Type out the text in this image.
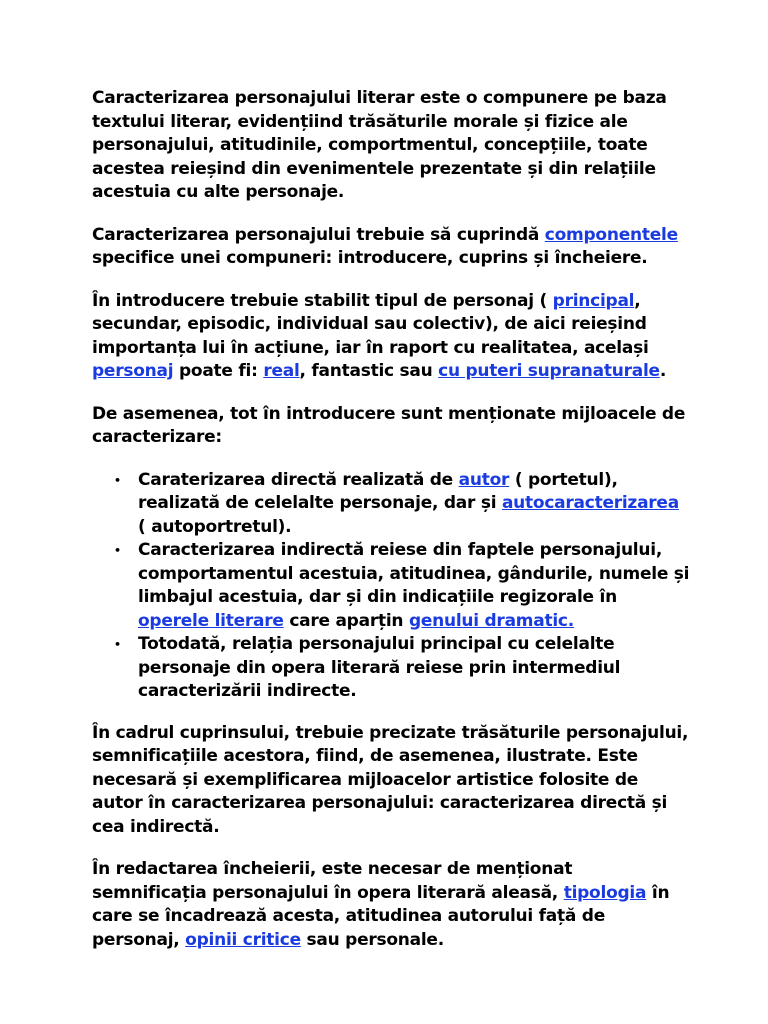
Caracterizarea personajului literar este o compunere pe baza textului literar, evidențiind trăsăturile morale și fizice ale personajului, atitudinile, comportmentul, concepțiile, toate acestea reieșind din evenimentele prezentate și din relațiile acestuia cu alte personaje.

Caracterizarea personajului trebuie să cuprindă componentele specifice unei compuneri: introducere, cuprins și încheiere.

În introducere trebuie stabilit tipul de personaj ( principal, secundar, episodic, individual sau colectiv), de aici reieșind importanța lui în acțiune, iar în raport cu realitatea, același personaj poate fi: real, fantastic sau cu puteri supranaturale.

De asemenea, tot în introducere sunt menționate mijloacele de caracterizare:

• Caraterizarea directă realizată de autor ( portetul), realizată de celelalte personaje, dar și autocaracterizarea ( autoportretul).
• Caracterizarea indirectă reiese din faptele personajului, comportamentul acestuia, atitudinea, gândurile, numele și limbajul acestuia, dar și din indicațiile regizorale în operele literare care aparțin genului dramatic.
• Totodată, relația personajului principal cu celelalte personaje din opera literară reiese prin intermediul caracterizării indirecte.

În cadrul cuprinsului, trebuie precizate trăsăturile personajului, semnificațiile acestora, fiind, de asemenea, ilustrate. Este necesară și exemplificarea mijloacelor artistice folosite de autor în caracterizarea personajului: caracterizarea directă și cea indirectă.

În redactarea încheierii, este necesar de menționat semnificația personajului în opera literară aleasă, tipologia în care se încadrează acesta, atitudinea autorului față de personaj, opinii critice sau personale.
